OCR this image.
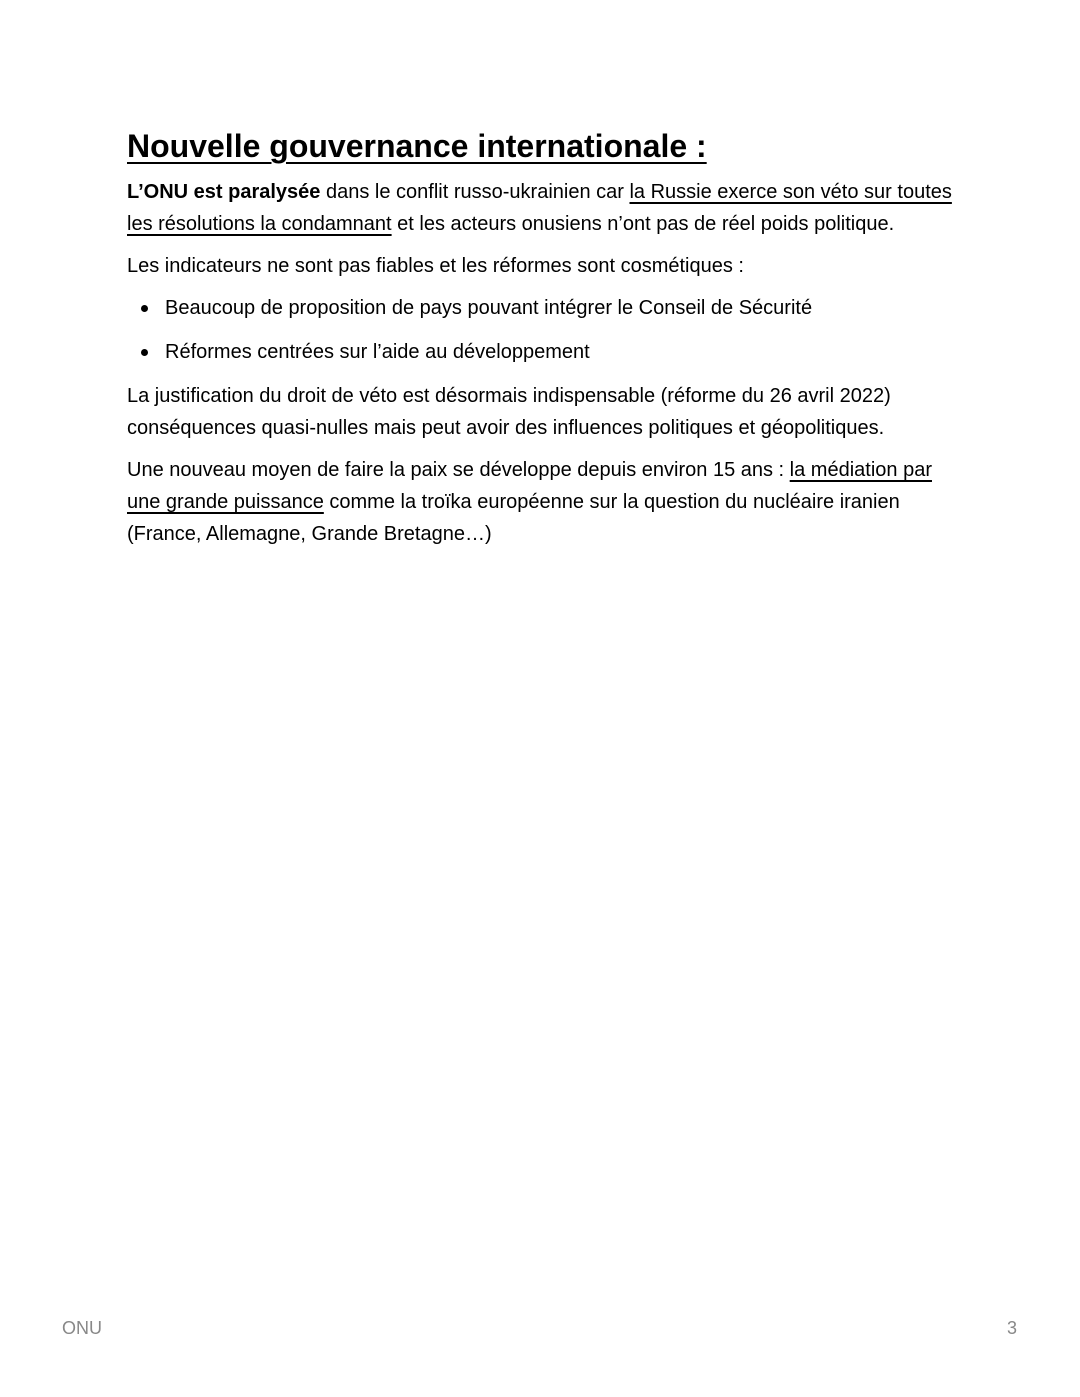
Nouvelle gouvernance internationale :

L’ONU est paralysée dans le conflit russo-ukrainien car la Russie exerce son véto sur toutes les résolutions la condamnant et les acteurs onusiens n’ont pas de réel poids politique.

Les indicateurs ne sont pas fiables et les réformes sont cosmétiques :

Beaucoup de proposition de pays pouvant intégrer le Conseil de Sécurité
Réformes centrées sur l’aide au développement

La justification du droit de véto est désormais indispensable (réforme du 26 avril 2022) conséquences quasi-nulles mais peut avoir des influences politiques et géopolitiques.

Une nouveau moyen de faire la paix se développe depuis environ 15 ans : la médiation par une grande puissance comme la troïka européenne sur la question du nucléaire iranien (France, Allemagne, Grande Bretagne…)

ONU	3
